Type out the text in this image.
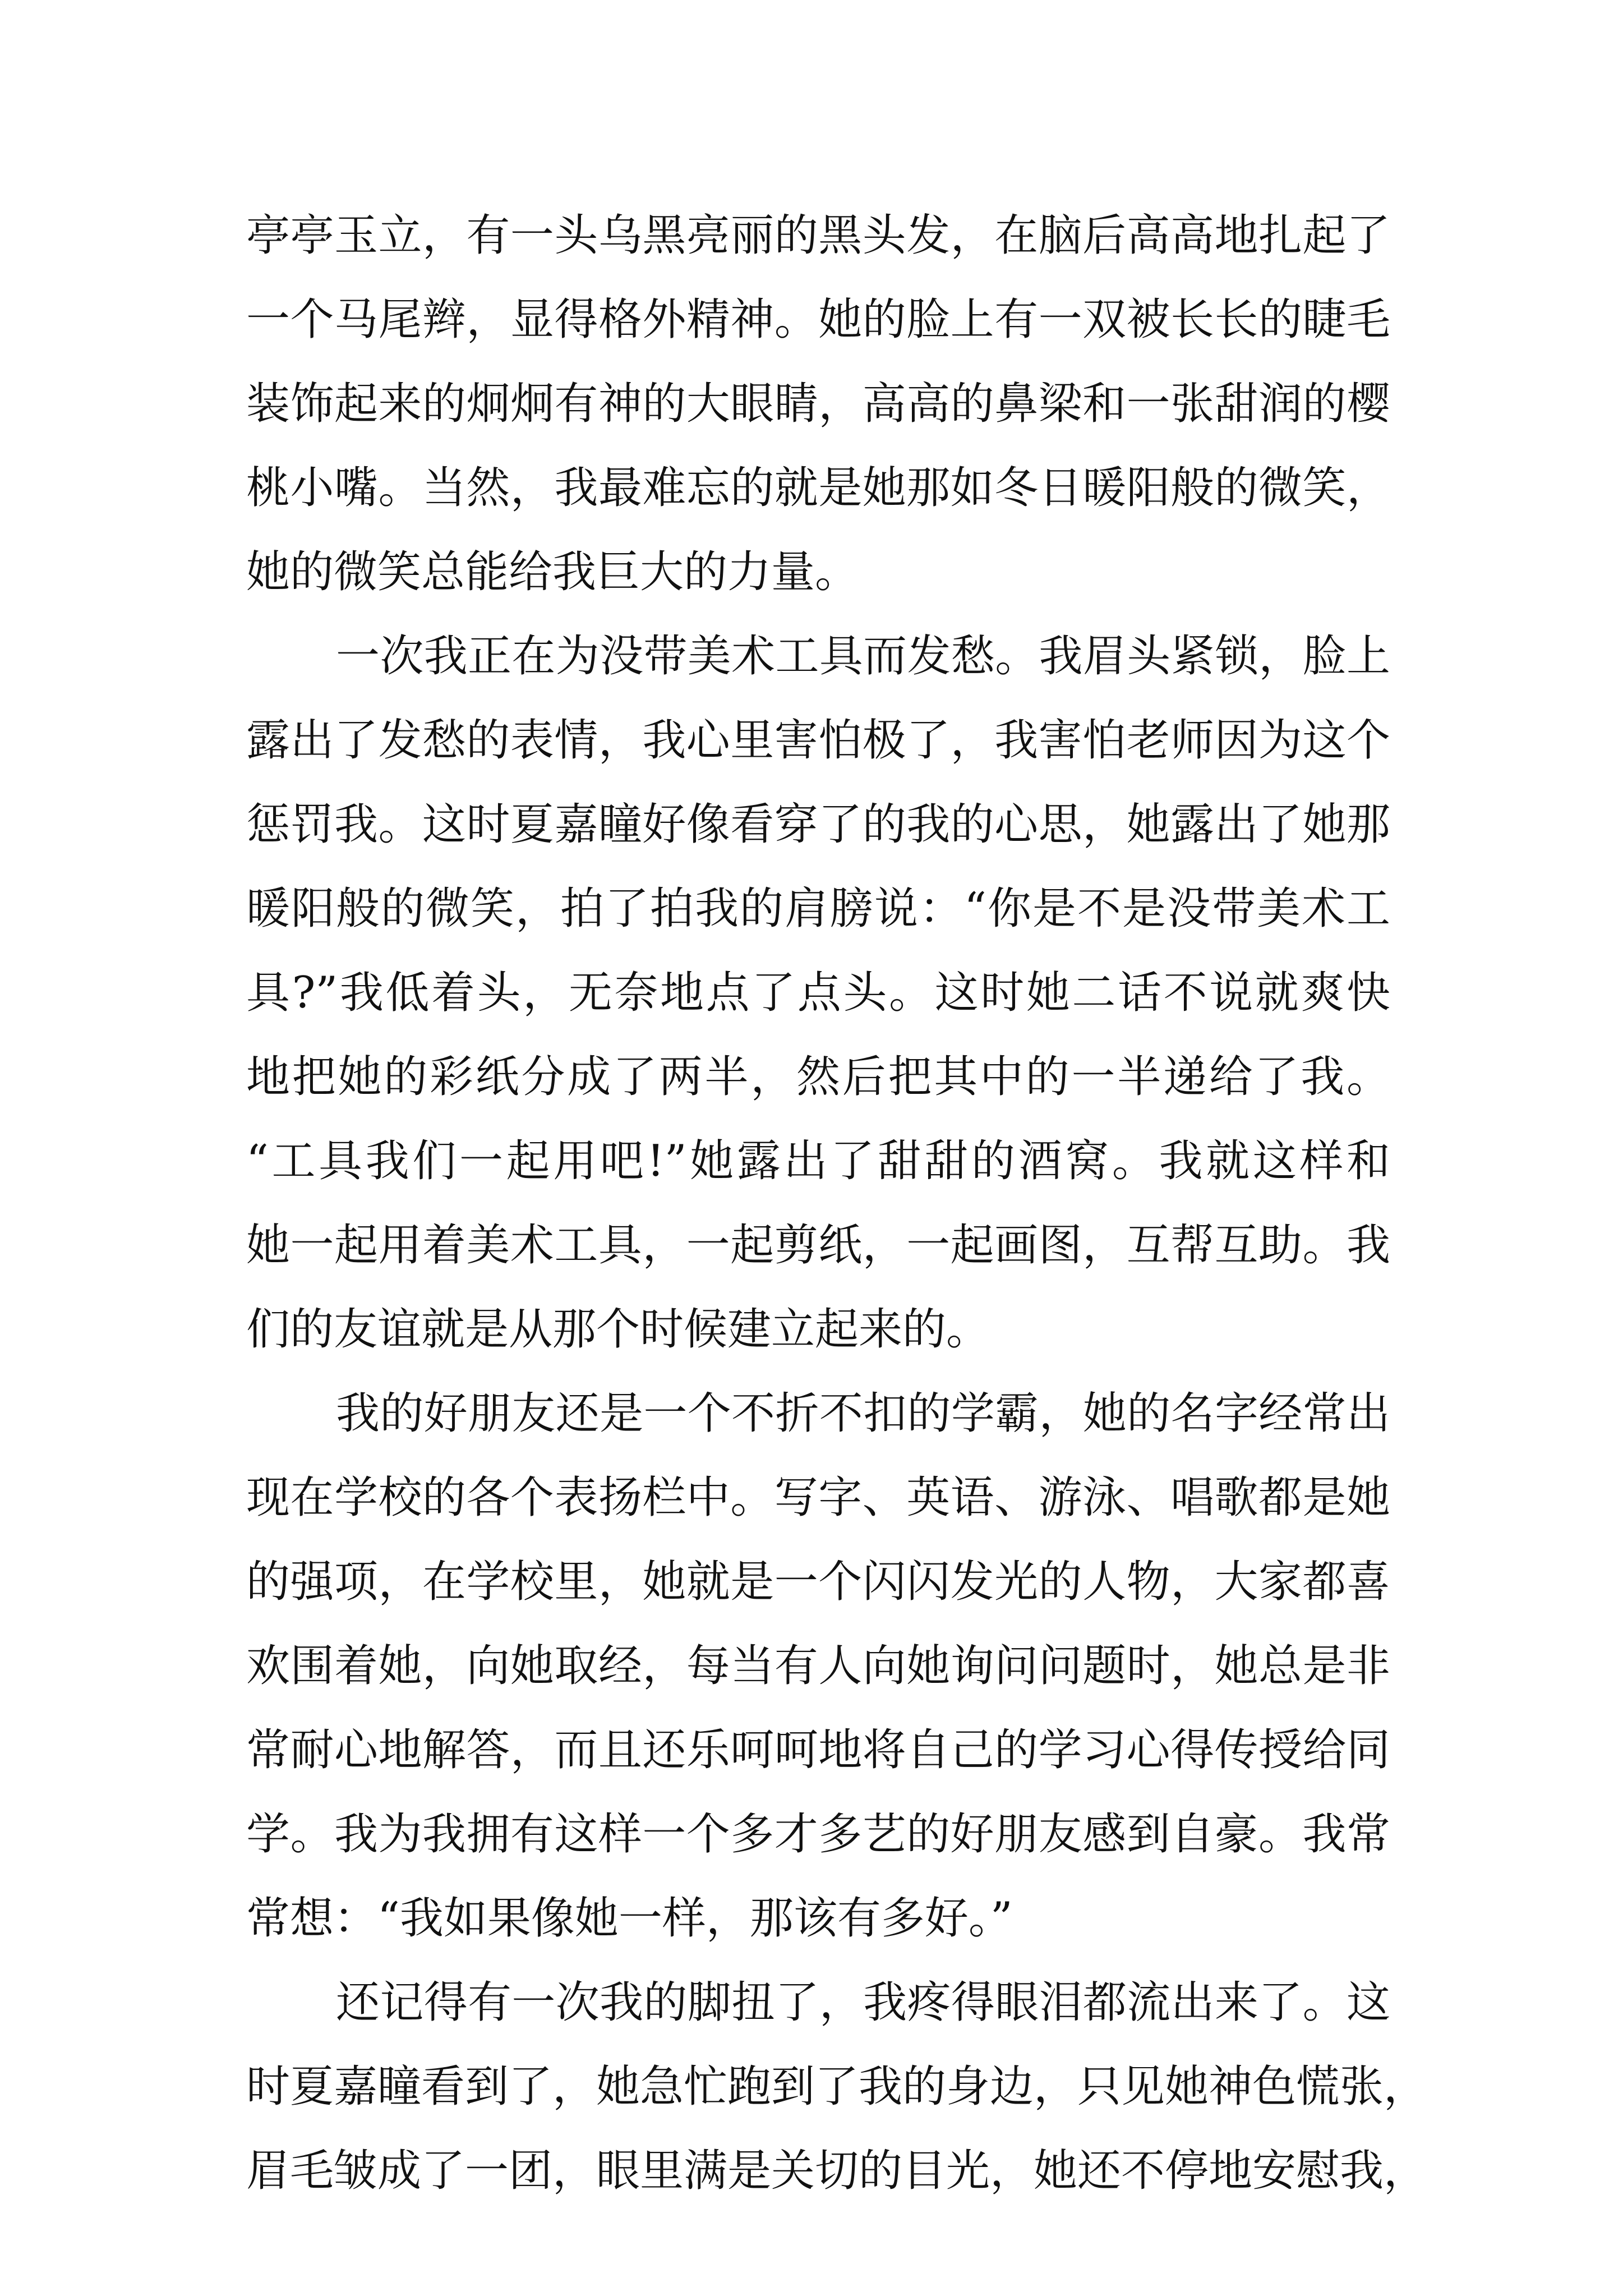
亭亭玉立，有一头乌黑亮丽的黑头发，在脑后高高地扎起了
一个马尾辫，显得格外精神。她的脸上有一双被长长的睫毛
装饰起来的炯炯有神的大眼睛，高高的鼻梁和一张甜润的樱
桃小嘴。当然，我最难忘的就是她那如冬日暖阳般的微笑，
她的微笑总能给我巨大的力量。
一次我正在为没带美术工具而发愁。我眉头紧锁，脸上
露出了发愁的表情，我心里害怕极了，我害怕老师因为这个
惩罚我。这时夏嘉瞳好像看穿了的我的心思，她露出了她那
暖阳般的微笑，拍了拍我的肩膀说：“你是不是没带美术工
具?”我低着头，无奈地点了点头。这时她二话不说就爽快
地把她的彩纸分成了两半，然后把其中的一半递给了我。
“工具我们一起用吧!”她露出了甜甜的酒窝。我就这样和
她一起用着美术工具，一起剪纸，一起画图，互帮互助。我
们的友谊就是从那个时候建立起来的。
我的好朋友还是一个不折不扣的学霸，她的名字经常出
现在学校的各个表扬栏中。写字、英语、游泳、唱歌都是她
的强项，在学校里，她就是一个闪闪发光的人物，大家都喜
欢围着她，向她取经，每当有人向她询问问题时，她总是非
常耐心地解答，而且还乐呵呵地将自己的学习心得传授给同
学。我为我拥有这样一个多才多艺的好朋友感到自豪。我常
常想：“我如果像她一样，那该有多好。”
还记得有一次我的脚扭了，我疼得眼泪都流出来了。这
时夏嘉瞳看到了，她急忙跑到了我的身边，只见她神色慌张，
眉毛皱成了一团，眼里满是关切的目光，她还不停地安慰我，
